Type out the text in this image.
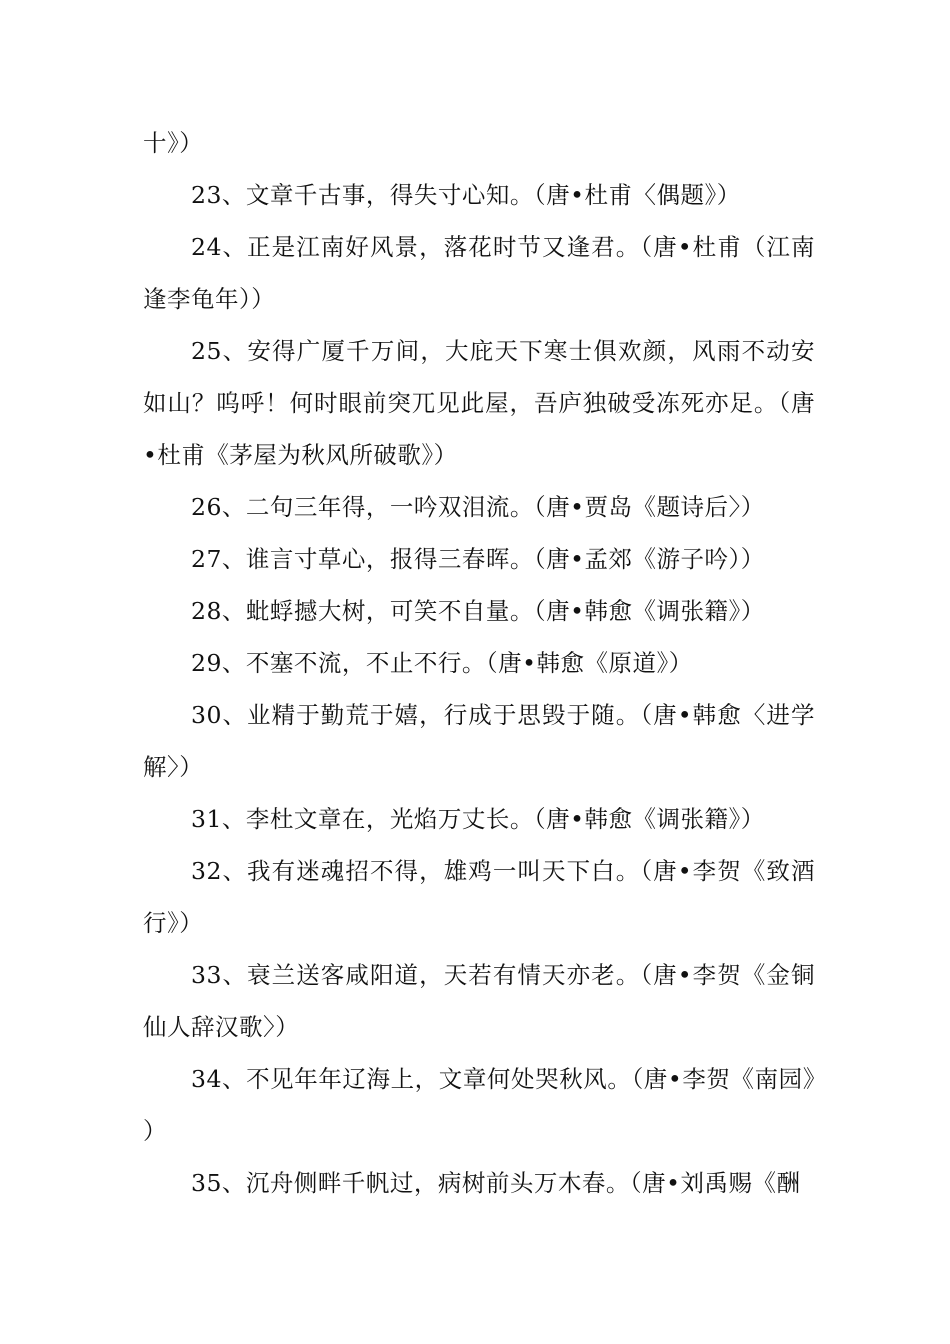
十》）

23、文章千古事，得失寸心知。（唐•杜甫〈偶题》）

24、正是江南好风景，落花时节又逢君。（唐•杜甫（江南逢李龟年））

25、安得广厦千万间，大庇天下寒士俱欢颜，风雨不动安如山？呜呼！何时眼前突兀见此屋，吾庐独破受冻死亦足。（唐•杜甫《茅屋为秋风所破歌》）

26、二句三年得，一吟双泪流。（唐•贾岛《题诗后〉）

27、谁言寸草心，报得三春晖。（唐•孟郊《游子吟））

28、蚍蜉撼大树，可笑不自量。（唐•韩愈《调张籍》）

29、不塞不流，不止不行。（唐•韩愈《原道》）

30、业精于勤荒于嬉，行成于思毁于随。（唐•韩愈〈进学解〉）

31、李杜文章在，光焰万丈长。（唐•韩愈《调张籍》）

32、我有迷魂招不得，雄鸡一叫天下白。（唐•李贺《致酒行》）

33、衰兰送客咸阳道，天若有情天亦老。（唐•李贺《金铜仙人辞汉歌〉）

34、不见年年辽海上，文章何处哭秋风。（唐•李贺《南园》）

35、沉舟侧畔千帆过，病树前头万木春。（唐•刘禹赐《酬
